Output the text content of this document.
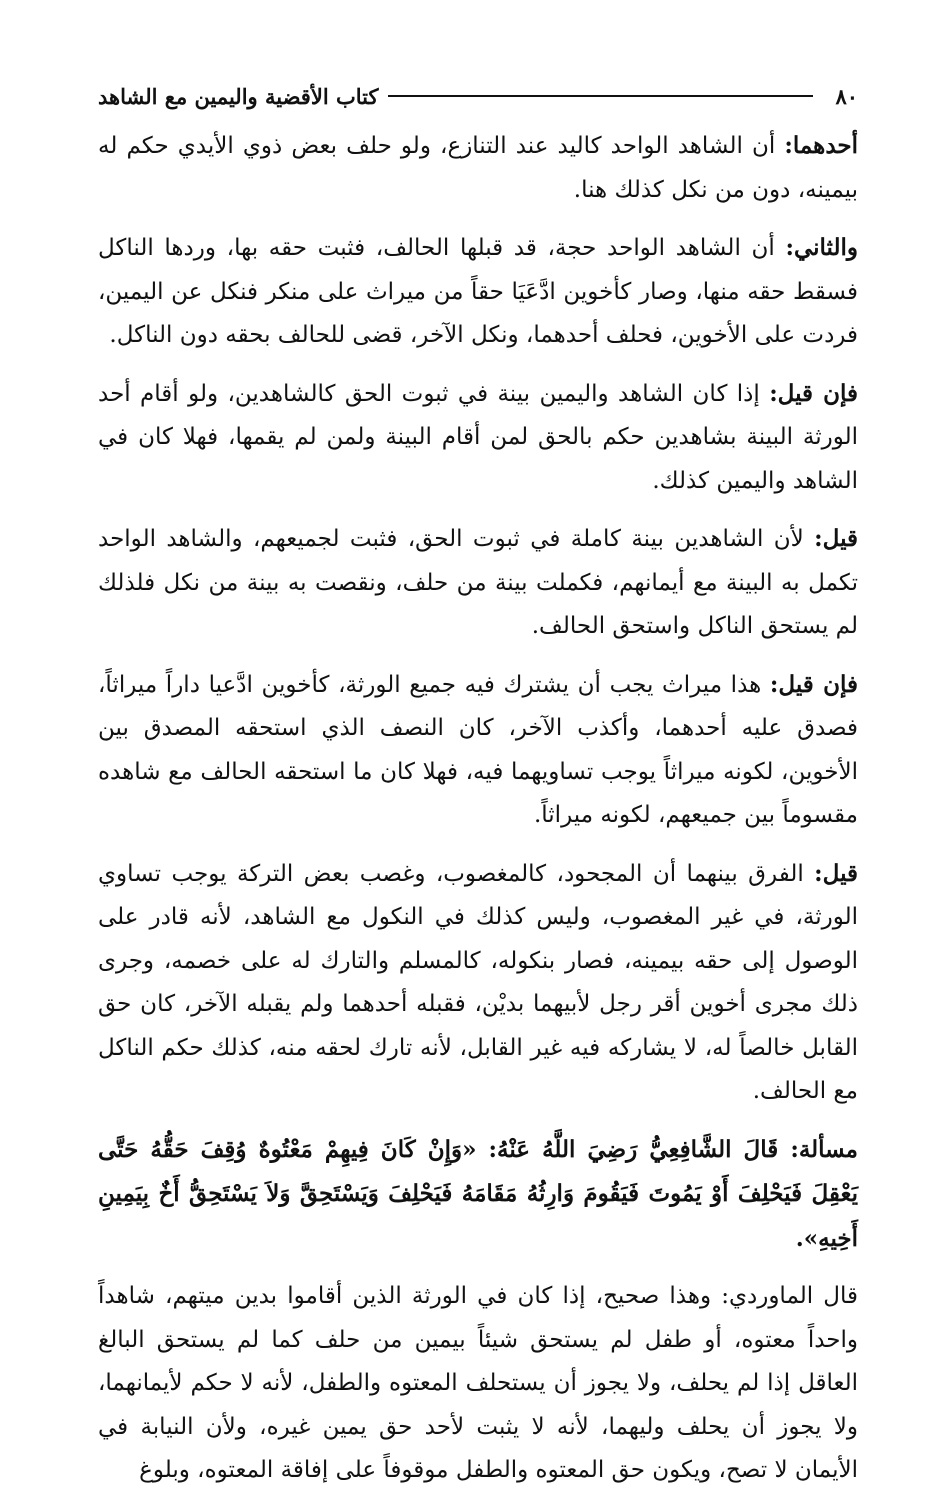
٨٠
كتاب الأقضية واليمين مع الشاهد

أحدهما: أن الشاهد الواحد كاليد عند التنازع، ولو حلف بعض ذوي الأيدي حكم له بيمينه، دون من نكل كذلك هنا.

والثاني: أن الشاهد الواحد حجة، قد قبلها الحالف، فثبت حقه بها، وردها الناكل فسقط حقه منها، وصار كأخوين ادَّعَيَا حقاً من ميراث على منكر فنكل عن اليمين، فردت على الأخوين، فحلف أحدهما، ونكل الآخر، قضى للحالف بحقه دون الناكل.

فإن قيل: إذا كان الشاهد واليمين بينة في ثبوت الحق كالشاهدين، ولو أقام أحد الورثة البينة بشاهدين حكم بالحق لمن أقام البينة ولمن لم يقمها، فهلا كان في الشاهد واليمين كذلك.

قيل: لأن الشاهدين بينة كاملة في ثبوت الحق، فثبت لجميعهم، والشاهد الواحد تكمل به البينة مع أيمانهم، فكملت بينة من حلف، ونقصت به بينة من نكل فلذلك لم يستحق الناكل واستحق الحالف.

فإن قيل: هذا ميراث يجب أن يشترك فيه جميع الورثة، كأخوين ادَّعيا داراً ميراثاً، فصدق عليه أحدهما، وأكذب الآخر، كان النصف الذي استحقه المصدق بين الأخوين، لكونه ميراثاً يوجب تساويهما فيه، فهلا كان ما استحقه الحالف مع شاهده مقسوماً بين جميعهم، لكونه ميراثاً.

قيل: الفرق بينهما أن المجحود، كالمغصوب، وغصب بعض التركة يوجب تساوي الورثة، في غير المغصوب، وليس كذلك في النكول مع الشاهد، لأنه قادر على الوصول إلى حقه بيمينه، فصار بنكوله، كالمسلم والتارك له على خصمه، وجرى ذلك مجرى أخوين أقر رجل لأبيهما بديْن، فقبله أحدهما ولم يقبله الآخر، كان حق القابل خالصاً له، لا يشاركه فيه غير القابل، لأنه تارك لحقه منه، كذلك حكم الناكل مع الحالف.

مسألة: قَالَ الشَّافِعِيُّ رَضِيَ اللَّهُ عَنْهُ: «وَإِنْ كَانَ فِيهِمْ مَعْتُوهٌ وُقِفَ حَقُّهُ حَتَّى يَعْقِلَ فَيَحْلِفَ أَوْ يَمُوتَ فَيَقُومَ وَارِثُهُ مَقَامَهُ فَيَحْلِفَ وَيَسْتَحِقَّ وَلاَ يَسْتَحِقُّ أَخٌ بِيَمِينِ أَخِيهِ».

قال الماوردي: وهذا صحيح، إذا كان في الورثة الذين أقاموا بدين ميتهم، شاهداً واحداً معتوه، أو طفل لم يستحق شيئاً بيمين من حلف كما لم يستحق البالغ العاقل إذا لم يحلف، ولا يجوز أن يستحلف المعتوه والطفل، لأنه لا حكم لأيمانهما، ولا يجوز أن يحلف وليهما، لأنه لا يثبت لأحد حق يمين غيره، ولأن النيابة في الأيمان لا تصح، ويكون حق المعتوه والطفل موقوفاً على إفاقة المعتوه، وبلوغ
